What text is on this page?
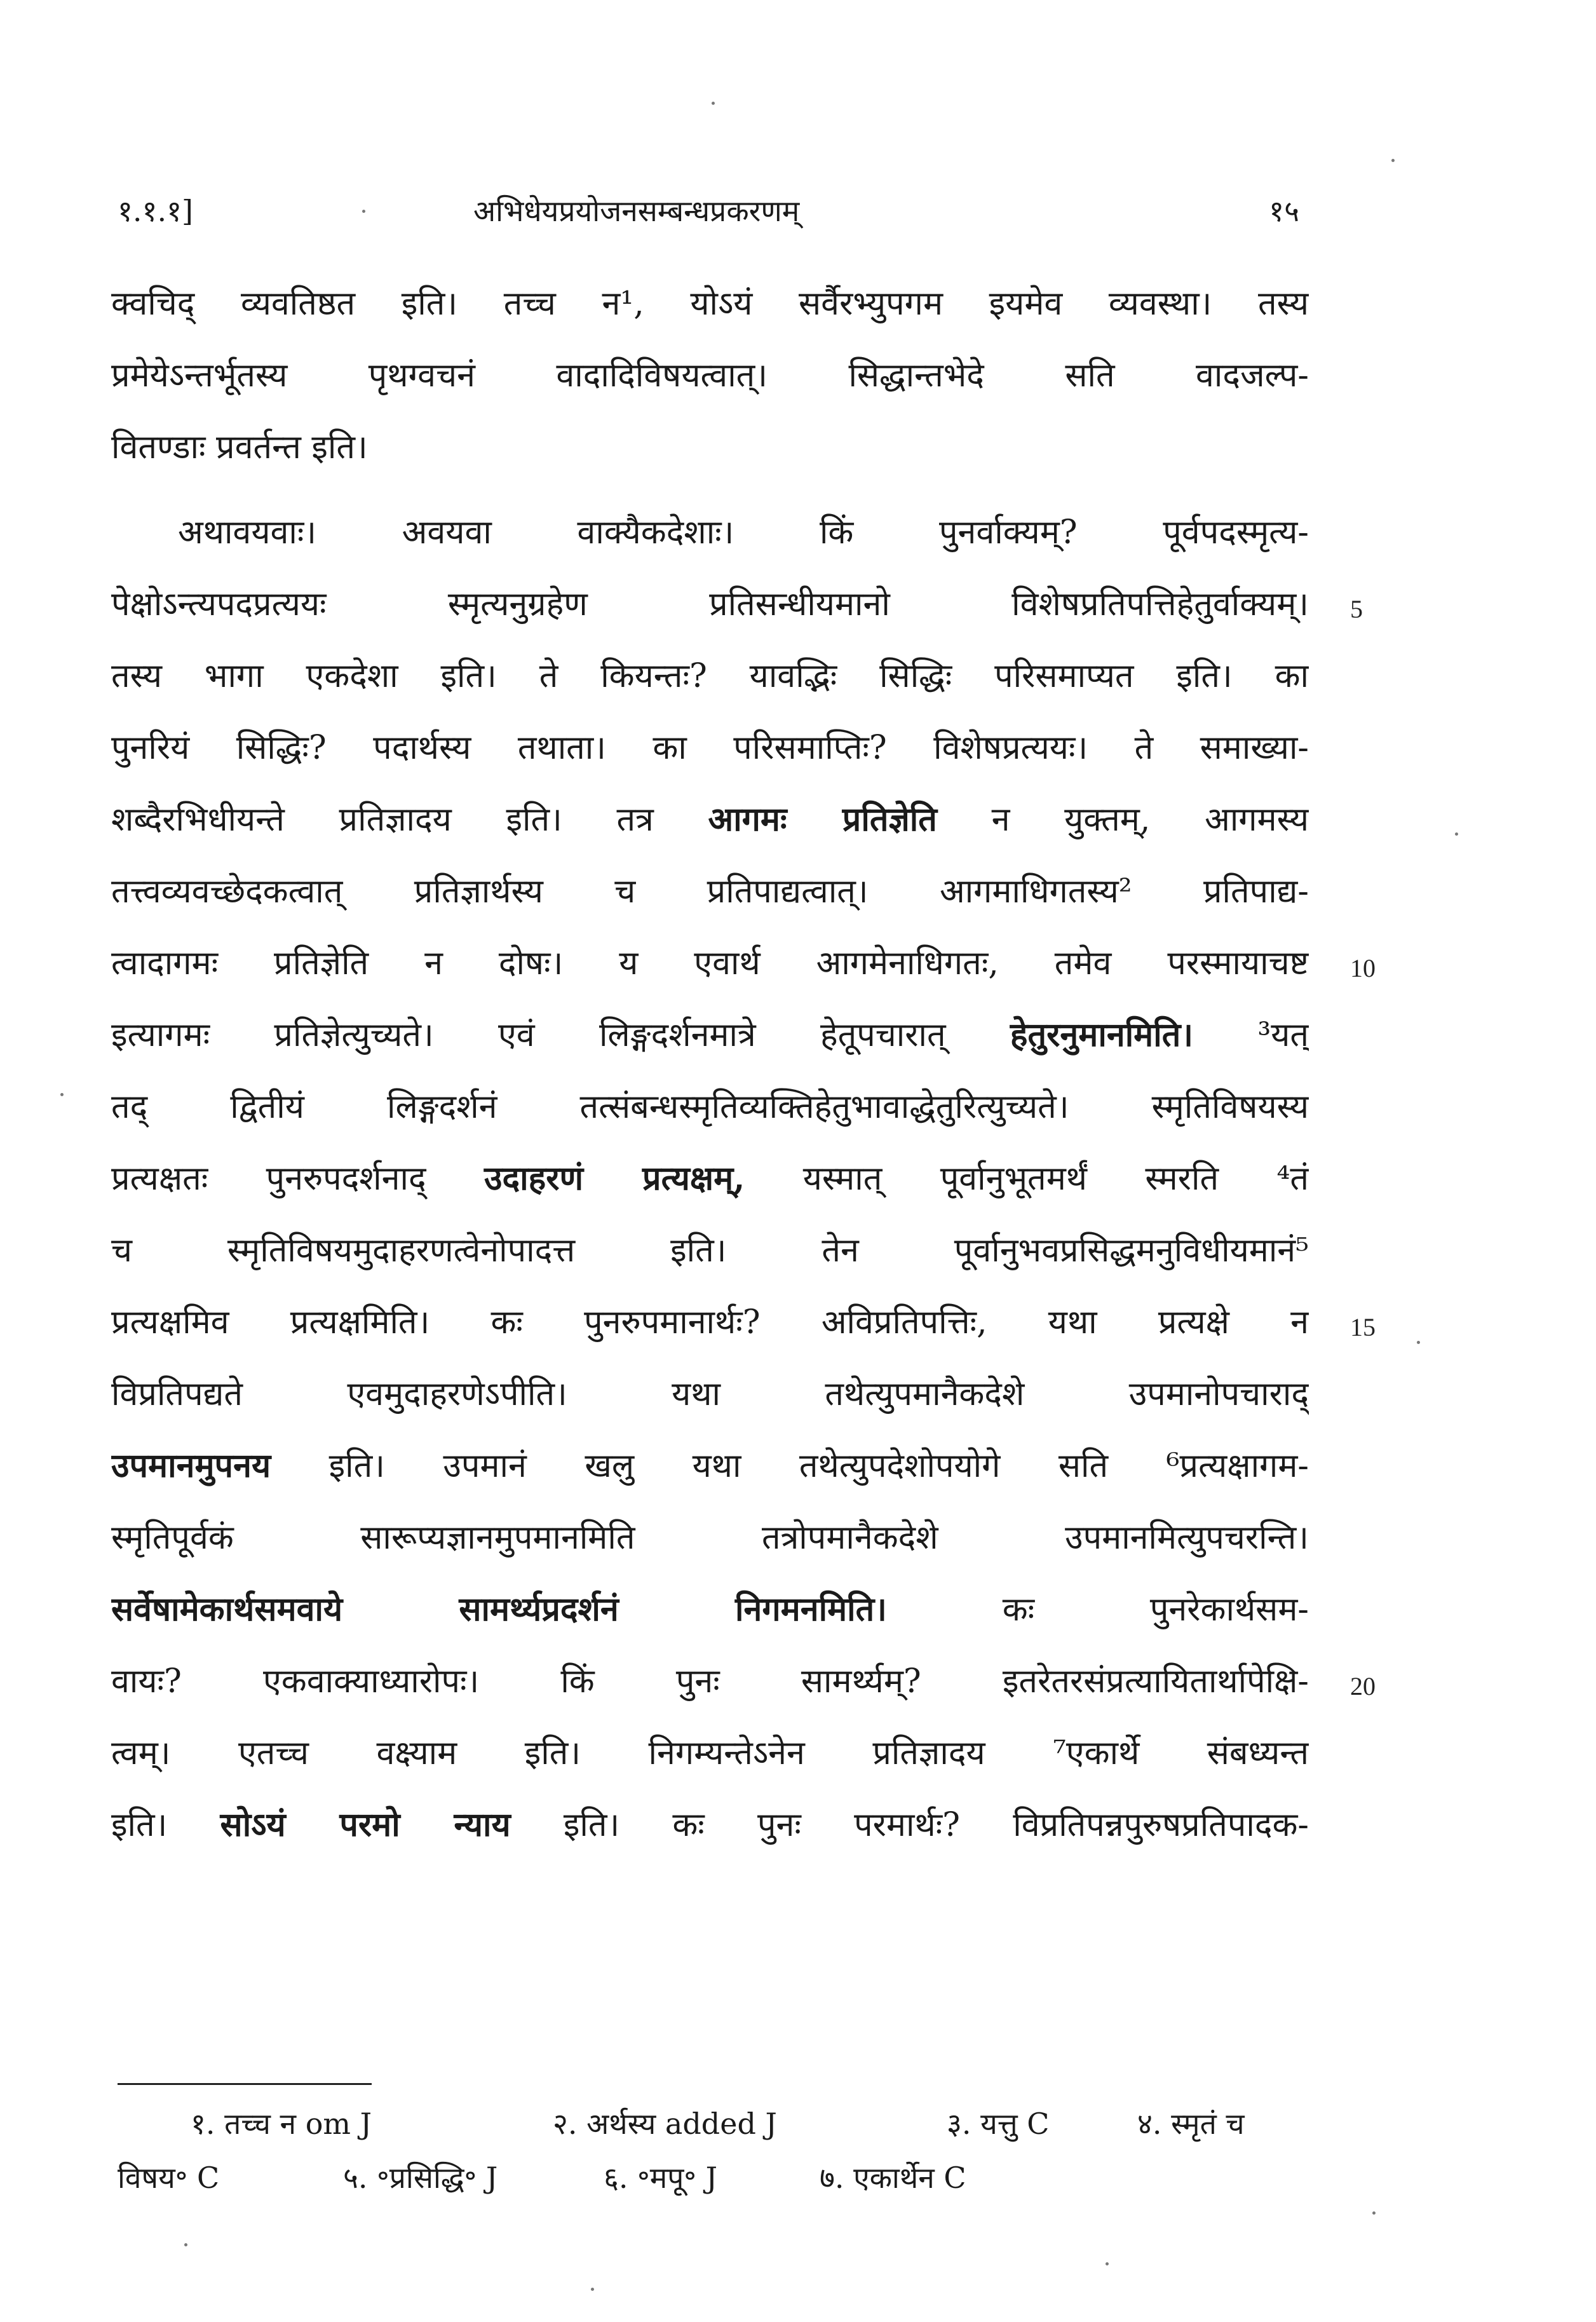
१.१.१]	अभिधेयप्रयोजनसम्बन्धप्रकरणम्	१५
क्वचिद् व्यवतिष्ठत इति। तच्च न¹, योऽयं सर्वैरभ्युपगम इयमेव व्यवस्था। तस्य
प्रमेयेऽन्तर्भूतस्य पृथग्वचनं वादादिविषयत्वात्। सिद्धान्तभेदे सति वादजल्प-
वितण्डाः प्रवर्तन्त इति।
अथावयवाः। अवयवा वाक्यैकदेशाः। किं पुनर्वाक्यम्? पूर्वपदस्मृत्य-
पेक्षोऽन्त्यपदप्रत्ययः स्मृत्यनुग्रहेण प्रतिसन्धीयमानो विशेषप्रतिपत्तिहेतुर्वाक्यम्।
तस्य भागा एकदेशा इति। ते कियन्तः? यावद्भिः सिद्धिः परिसमाप्यत इति। का
पुनरियं सिद्धिः? पदार्थस्य तथाता। का परिसमाप्तिः? विशेषप्रत्ययः। ते समाख्या-
शब्दैरभिधीयन्ते प्रतिज्ञादय इति। तत्र आगमः प्रतिज्ञेति न युक्तम्, आगमस्य
तत्त्वव्यवच्छेदकत्वात् प्रतिज्ञार्थस्य च प्रतिपाद्यत्वात्। आगमाधिगतस्य² प्रतिपाद्य-
त्वादागमः प्रतिज्ञेति न दोषः। य एवार्थ आगमेनाधिगतः, तमेव परस्मायाचष्ट
इत्यागमः प्रतिज्ञेत्युच्यते। एवं लिङ्गदर्शनमात्रे हेतूपचारात् हेतुरनुमानमिति। ³यत्
तद् द्वितीयं लिङ्गदर्शनं तत्संबन्धस्मृतिव्यक्तिहेतुभावाद्धेतुरित्युच्यते। स्मृतिविषयस्य
प्रत्यक्षतः पुनरुपदर्शनाद् उदाहरणं प्रत्यक्षम्, यस्मात् पूर्वानुभूतमर्थं स्मरति ⁴तं
च स्मृतिविषयमुदाहरणत्वेनोपादत्त इति। तेन पूर्वानुभवप्रसिद्धमनुविधीयमानं⁵
प्रत्यक्षमिव प्रत्यक्षमिति। कः पुनरुपमानार्थः? अविप्रतिपत्तिः, यथा प्रत्यक्षे न
विप्रतिपद्यते एवमुदाहरणेऽपीति। यथा तथेत्युपमानैकदेशे उपमानोपचाराद्
उपमानमुपनय इति। उपमानं खलु यथा तथेत्युपदेशोपयोगे सति ⁶प्रत्यक्षागम-
स्मृतिपूर्वकं सारूप्यज्ञानमुपमानमिति तत्रोपमानैकदेशे उपमानमित्युपचरन्ति।
सर्वेषामेकार्थसमवाये सामर्थ्यप्रदर्शनं निगमनमिति। कः पुनरेकार्थसम-
वायः? एकवाक्याध्यारोपः। किं पुनः सामर्थ्यम्? इतरेतरसंप्रत्यायितार्थापेक्षि-
त्वम्। एतच्च वक्ष्याम इति। निगम्यन्तेऽनेन प्रतिज्ञादय ⁷एकार्थे संबध्यन्त
इति। सोऽयं परमो न्याय इति। कः पुनः परमार्थः? विप्रतिपन्नपुरुषप्रतिपादक-
5
10
15
20
१. तच्च न om J	२. अर्थस्य added J	३. यत्तु C	४. स्मृतं च
विषय॰ C	५. ॰प्रसिद्धि॰ J	६. ॰मपू॰ J	७. एकार्थेन C
